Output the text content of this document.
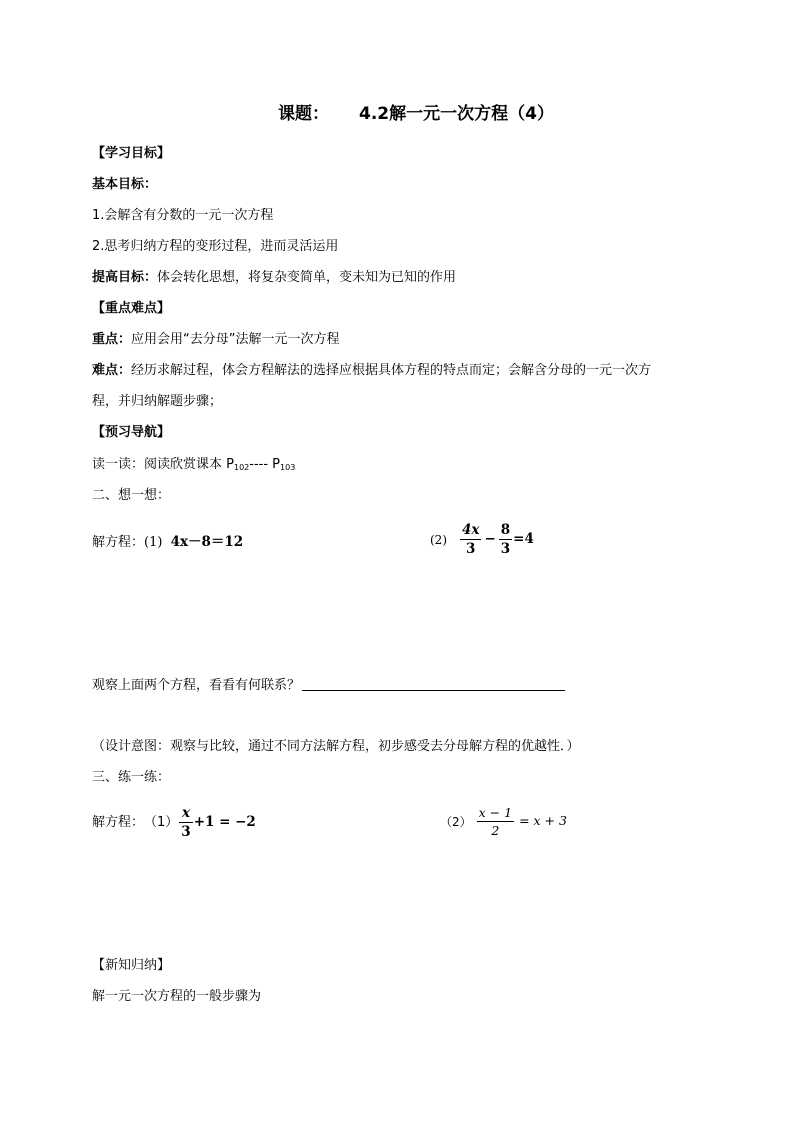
课题： 4.2解一元一次方程（4）
【学习目标】
基本目标：
1.会解含有分数的一元一次方程
2.思考归纳方程的变形过程，进而灵活运用
提高目标：体会转化思想，将复杂变简单，变未知为已知的作用
【重点难点】
重点：应用会用“去分母”法解一元一次方程
难点：经历求解过程，体会方程解法的选择应根据具体方程的特点而定；会解含分母的一元一次方
程，并归纳解题步骤；
【预习导航】
读一读：阅读欣赏课本 $P_{102}----$ $P_{103}$
二、想一想：
解方程：(1) 4x－8＝12	$(2) \frac{4x}{3} - \frac{8}{3} =4$
观察上面两个方程，看看有何联系？
（设计意图：观察与比较，通过不同方法解方程，初步感受去分母解方程的优越性．）
三、练一练：
解方程： $(1) \frac{x}{3} +1 = -2$	$(2) \frac{x - 1}{2} = x + 3$
【新知归纳】
解一元一次方程的一般步骤为
